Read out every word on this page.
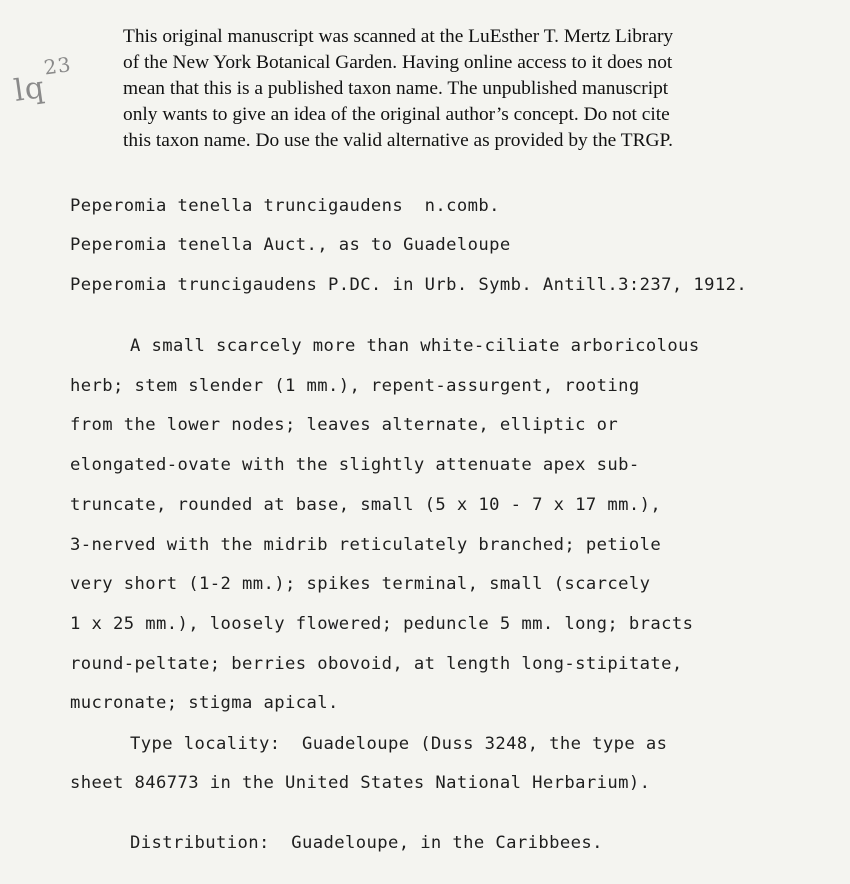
This original manuscript was scanned at the LuEsther T. Mertz Library
of the New York Botanical Garden. Having online access to it does not
mean that this is a published taxon name. The unpublished manuscript
only wants to give an idea of the original author’s concept. Do not cite
this taxon name. Do use the valid alternative as provided by the TRGP.
$lq^{23}$
Peperomia tenella truncigaudens  n.comb.
Peperomia tenella Auct., as to Guadeloupe
Peperomia truncigaudens P.DC. in Urb. Symb. Antill.3:237, 1912.
A small scarcely more than white-ciliate arboricolous
herb; stem slender (1 mm.), repent-assurgent, rooting
from the lower nodes; leaves alternate, elliptic or
elongated-ovate with the slightly attenuate apex sub-
truncate, rounded at base, small (5 x 10 - 7 x 17 mm.),
3-nerved with the midrib reticulately branched; petiole
very short (1-2 mm.); spikes terminal, small (scarcely
1 x 25 mm.), loosely flowered; peduncle 5 mm. long; bracts
round-peltate; berries obovoid, at length long-stipitate,
mucronate; stigma apical.
Type locality:  Guadeloupe (Duss 3248, the type as
sheet 846773 in the United States National Herbarium).
Distribution:  Guadeloupe, in the Caribbees.
